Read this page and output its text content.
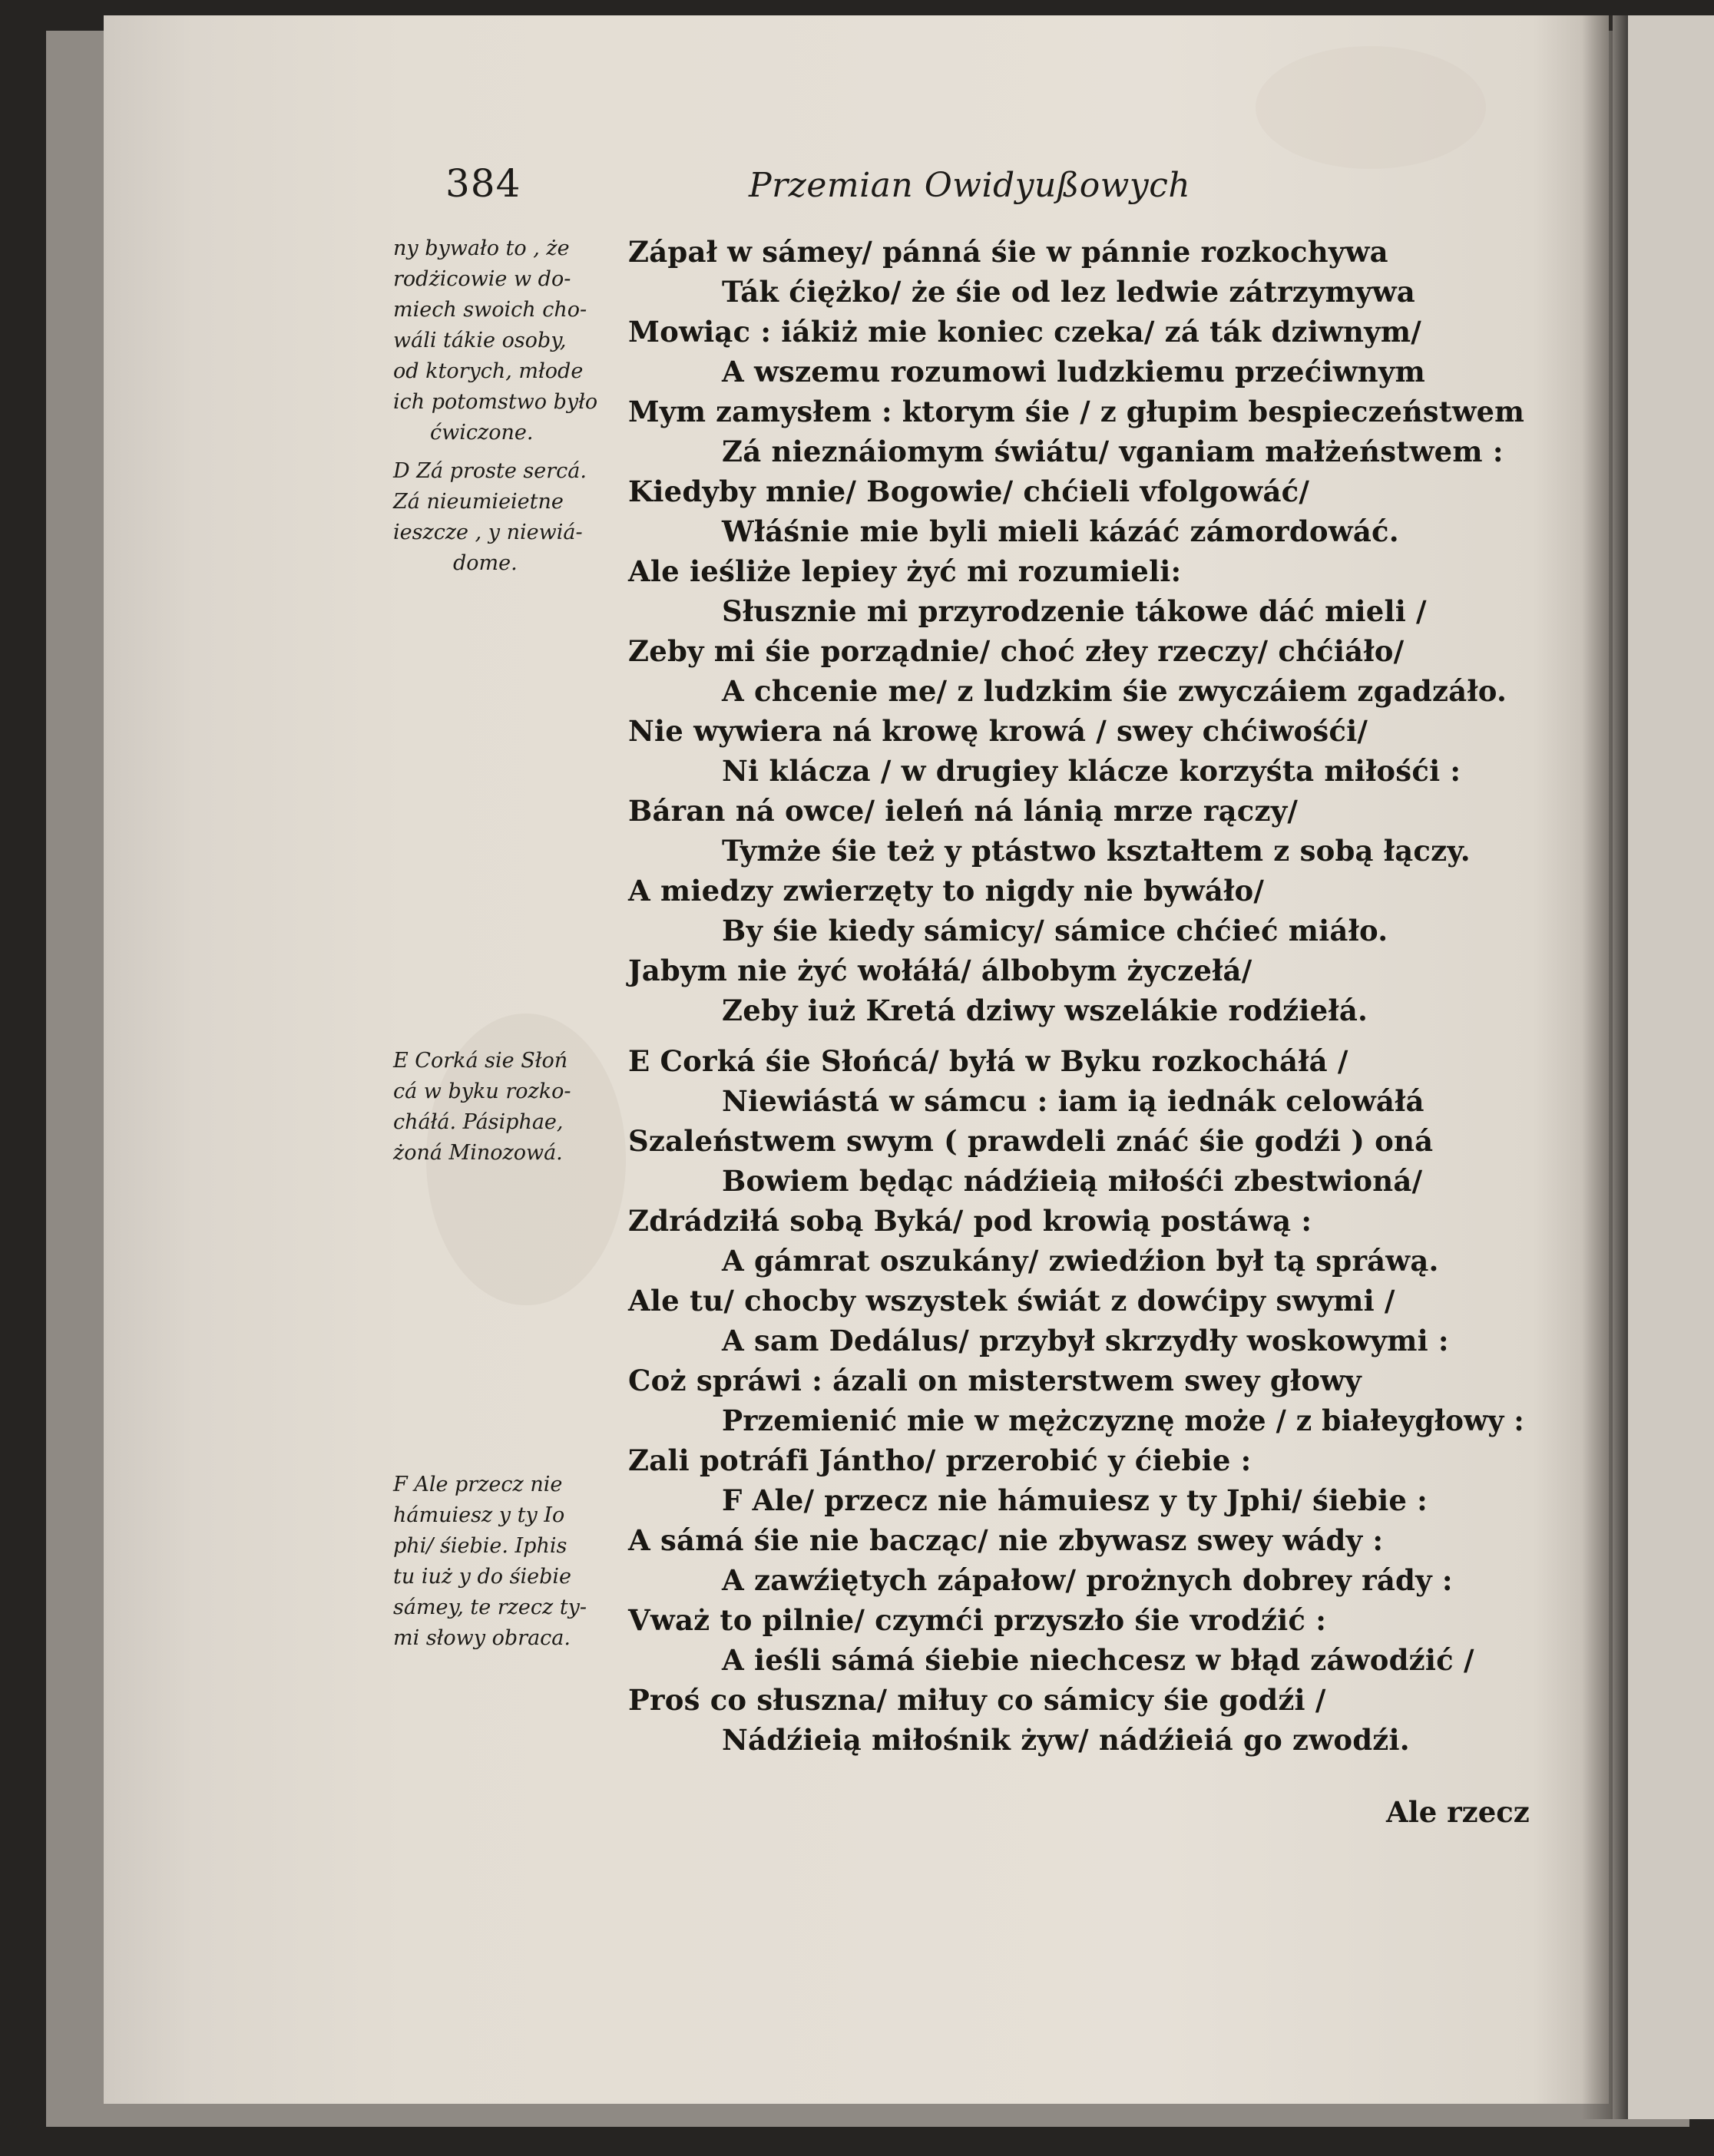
384	Przemian Owidyußowych
ny bywało to , że
rodżicowie w do-
miech swoich cho-
wáli tákie osoby,
od ktorych, młode
ich potomstwo było
ćwiczone.
D Zá proste sercá.
Zá nieumieietne
ieszcze , y niewiá-
dome.
E Corká sie Słoń
cá w byku rozko-
cháłá. Pásiphae,
żoná Minozowá.
F Ale przecz nie
hámuiesz y ty Io
phi/ śiebie. Iphis
tu iuż y do śiebie
sámey, te rzecz ty-
mi słowy obraca.
Zápał w sámey/ pánná śie w pánnie rozkochywa
Ták ćiężko/ że śie od lez ledwie zátrzymywa
Mowiąc : iákiż mie koniec czeka/ zá ták dziwnym/
A wszemu rozumowi ludzkiemu przećiwnym
Mym zamysłem : ktorym śie / z głupim bespieczeństwem
Zá nieznáiomym świátu/ vganiam małżeństwem :
Kiedyby mnie/ Bogowie/ chćieli vfolgowáć/
Włáśnie mie byli mieli kázáć zámordowáć.
Ale ieśliże lepiey żyć mi rozumieli:
Słusznie mi przyrodzenie tákowe dáć mieli /
Zeby mi śie porządnie/ choć złey rzeczy/ chćiáło/
A chcenie me/ z ludzkim śie zwyczáiem zgadzáło.
Nie wywiera ná krowę krowá / swey chćiwośći/
Ni klácza / w drugiey klácze korzyśta miłośći :
Báran ná owce/ ieleń ná lánią mrze rączy/
Tymże śie też y ptástwo kształtem z sobą łączy.
A miedzy zwierzęty to nigdy nie bywáło/
By śie kiedy sámicy/ sámice chćieć miáło.
Jabym nie żyć wołáłá/ álbobym życzełá/
Zeby iuż Kretá dziwy wszelákie rodźiełá.
E Corká śie Słońcá/ byłá w Byku rozkocháłá /
Niewiástá w sámcu : iam ią iednák celowáłá
Szaleństwem swym ( prawdeli znáć śie godźi ) oná
Bowiem będąc nádźieią miłośći zbestwioná/
Zdrádziłá sobą Byká/ pod krowią postáwą :
A gámrat oszukány/ zwiedźion był tą spráwą.
Ale tu/ chocby wszystek świát z dowćipy swymi /
A sam Dedálus/ przybył skrzydły woskowymi :
Coż spráwi : ázali on misterstwem swey głowy
Przemienić mie w mężczyznę może / z białeygłowy :
Zali potráfi Jántho/ przerobić y ćiebie :
F Ale/ przecz nie hámuiesz y ty Jphi/ śiebie :
A sámá śie nie bacząc/ nie zbywasz swey wády :
A zawźiętych zápałow/ prożnych dobrey rády :
Vważ to pilnie/ czymći przyszło śie vrodźić :
A ieśli sámá śiebie niechcesz w błąd záwodźić /
Proś co słuszna/ miłuy co sámicy śie godźi /
Nádźieią miłośnik żyw/ nádźieiá go zwodźi.
Ale rzecz
